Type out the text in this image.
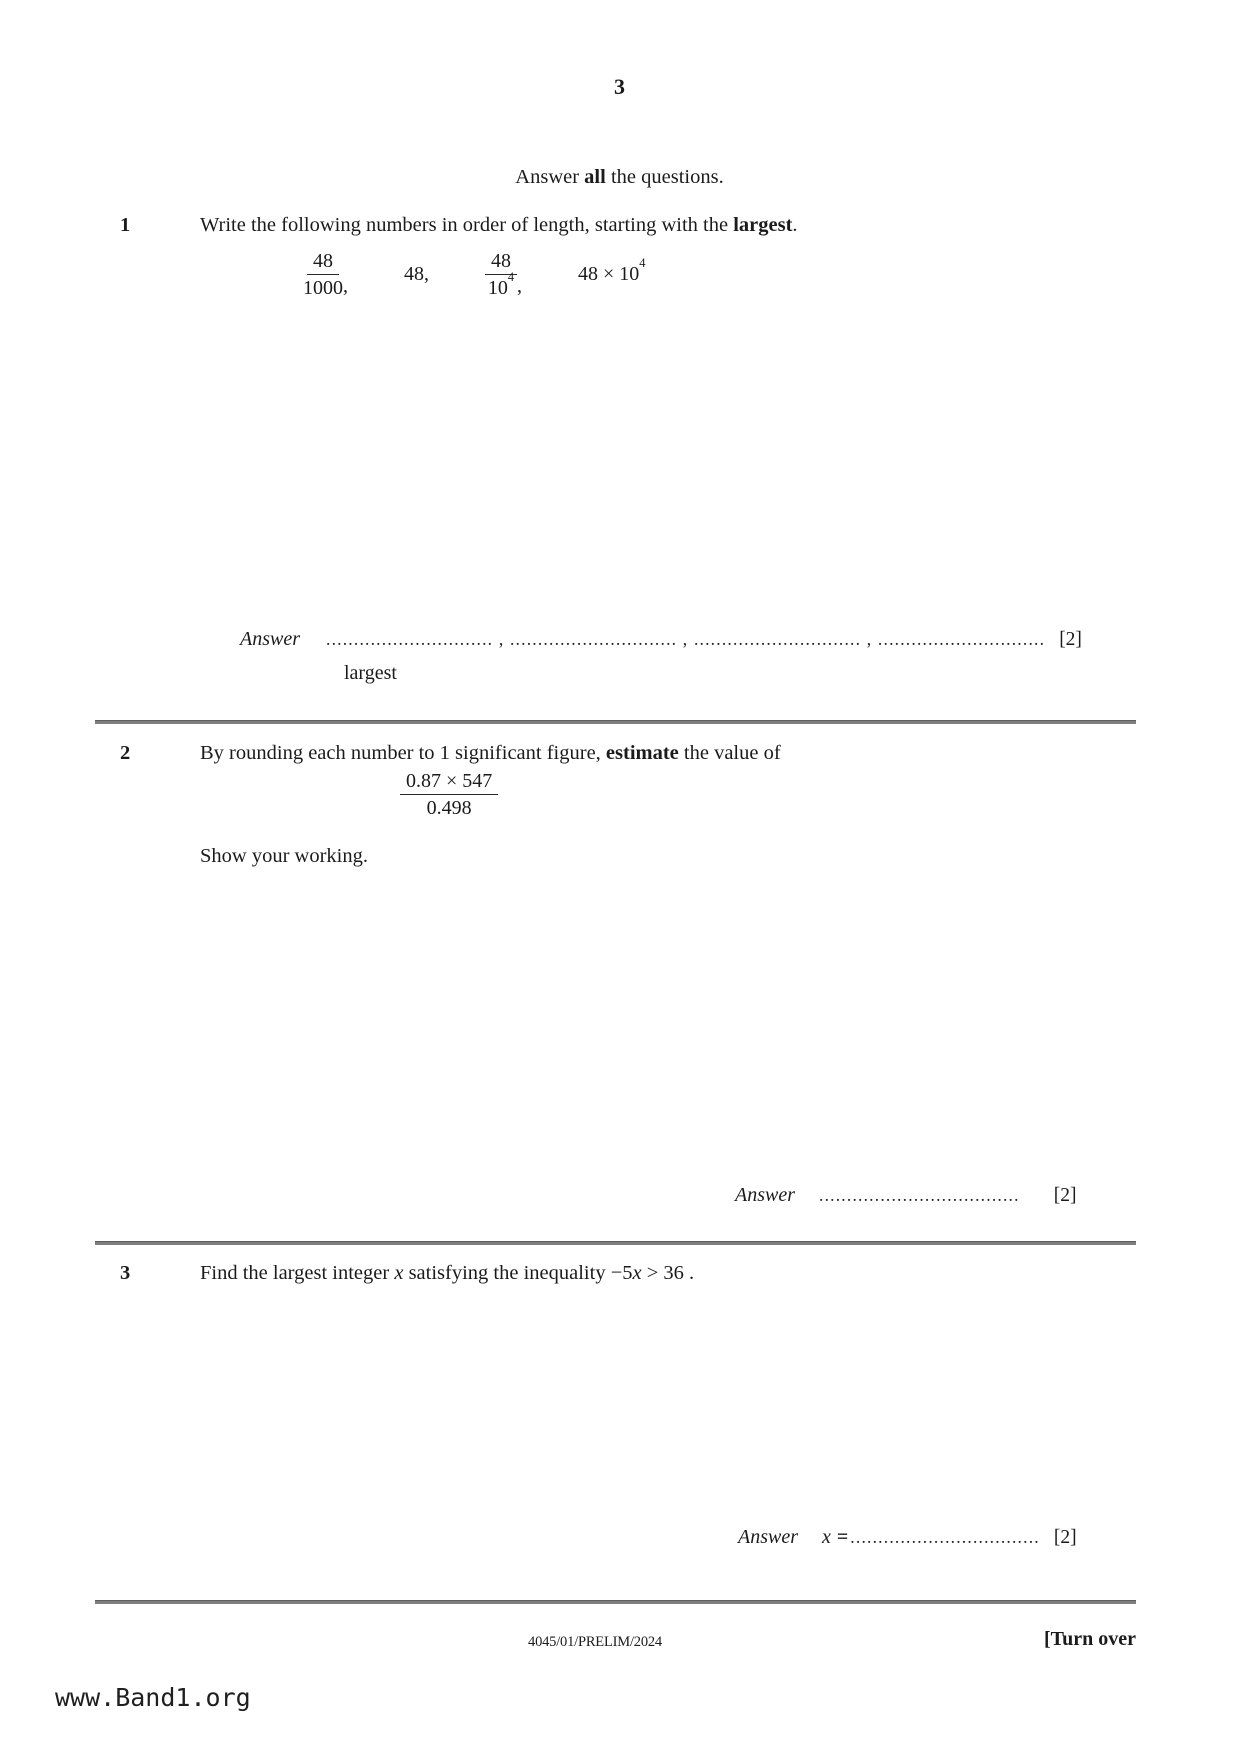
3
Answer all the questions.
1	Write the following numbers in order of length, starting with the largest.
$\frac{48}{1000}$ ,
48,	$\frac{48}{10^4}$ ,
$48 \times 10^4$
Answer .............................. , .............................. , .............................. , .............................. [2]
largest
2	By rounding each number to 1 significant figure, estimate the value of
$\frac{0.87 \times 547}{0.498}$
Show your working.
Answer .................................... [2]
3	Find the largest integer x satisfying the inequality −5x > 36 .
Answer x = .................................. [2]
4045/01/PRELIM/2024	[Turn over
www.Band1.org
